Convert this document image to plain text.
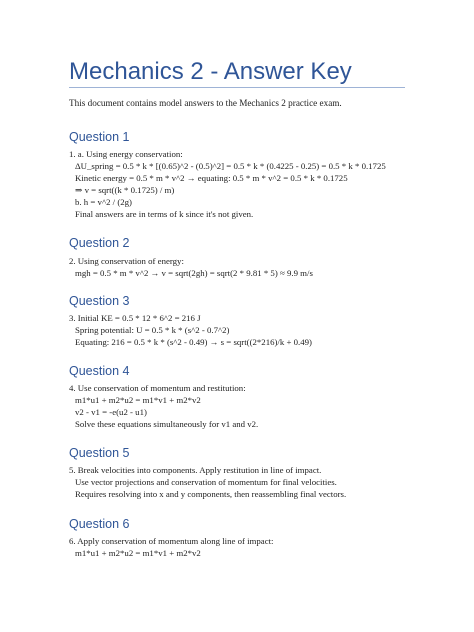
Mechanics 2 - Answer Key
This document contains model answers to the Mechanics 2 practice exam.
Question 1
1. a. Using energy conservation:
ΔU_spring = 0.5 * k * [(0.65)^2 - (0.5)^2] = 0.5 * k * (0.4225 - 0.25) = 0.5 * k * 0.1725
Kinetic energy = 0.5 * m * v^2 → equating: 0.5 * m * v^2 = 0.5 * k * 0.1725
⇒ v = sqrt((k * 0.1725) / m)
b. h = v^2 / (2g)
Final answers are in terms of k since it's not given.
Question 2
2. Using conservation of energy:
mgh = 0.5 * m * v^2 → v = sqrt(2gh) = sqrt(2 * 9.81 * 5) ≈ 9.9 m/s
Question 3
3. Initial KE = 0.5 * 12 * 6^2 = 216 J
Spring potential: U = 0.5 * k * (s^2 - 0.7^2)
Equating: 216 = 0.5 * k * (s^2 - 0.49) → s = sqrt((2*216)/k + 0.49)
Question 4
4. Use conservation of momentum and restitution:
m1*u1 + m2*u2 = m1*v1 + m2*v2
v2 - v1 = -e(u2 - u1)
Solve these equations simultaneously for v1 and v2.
Question 5
5. Break velocities into components. Apply restitution in line of impact.
Use vector projections and conservation of momentum for final velocities.
Requires resolving into x and y components, then reassembling final vectors.
Question 6
6. Apply conservation of momentum along line of impact:
m1*u1 + m2*u2 = m1*v1 + m2*v2
